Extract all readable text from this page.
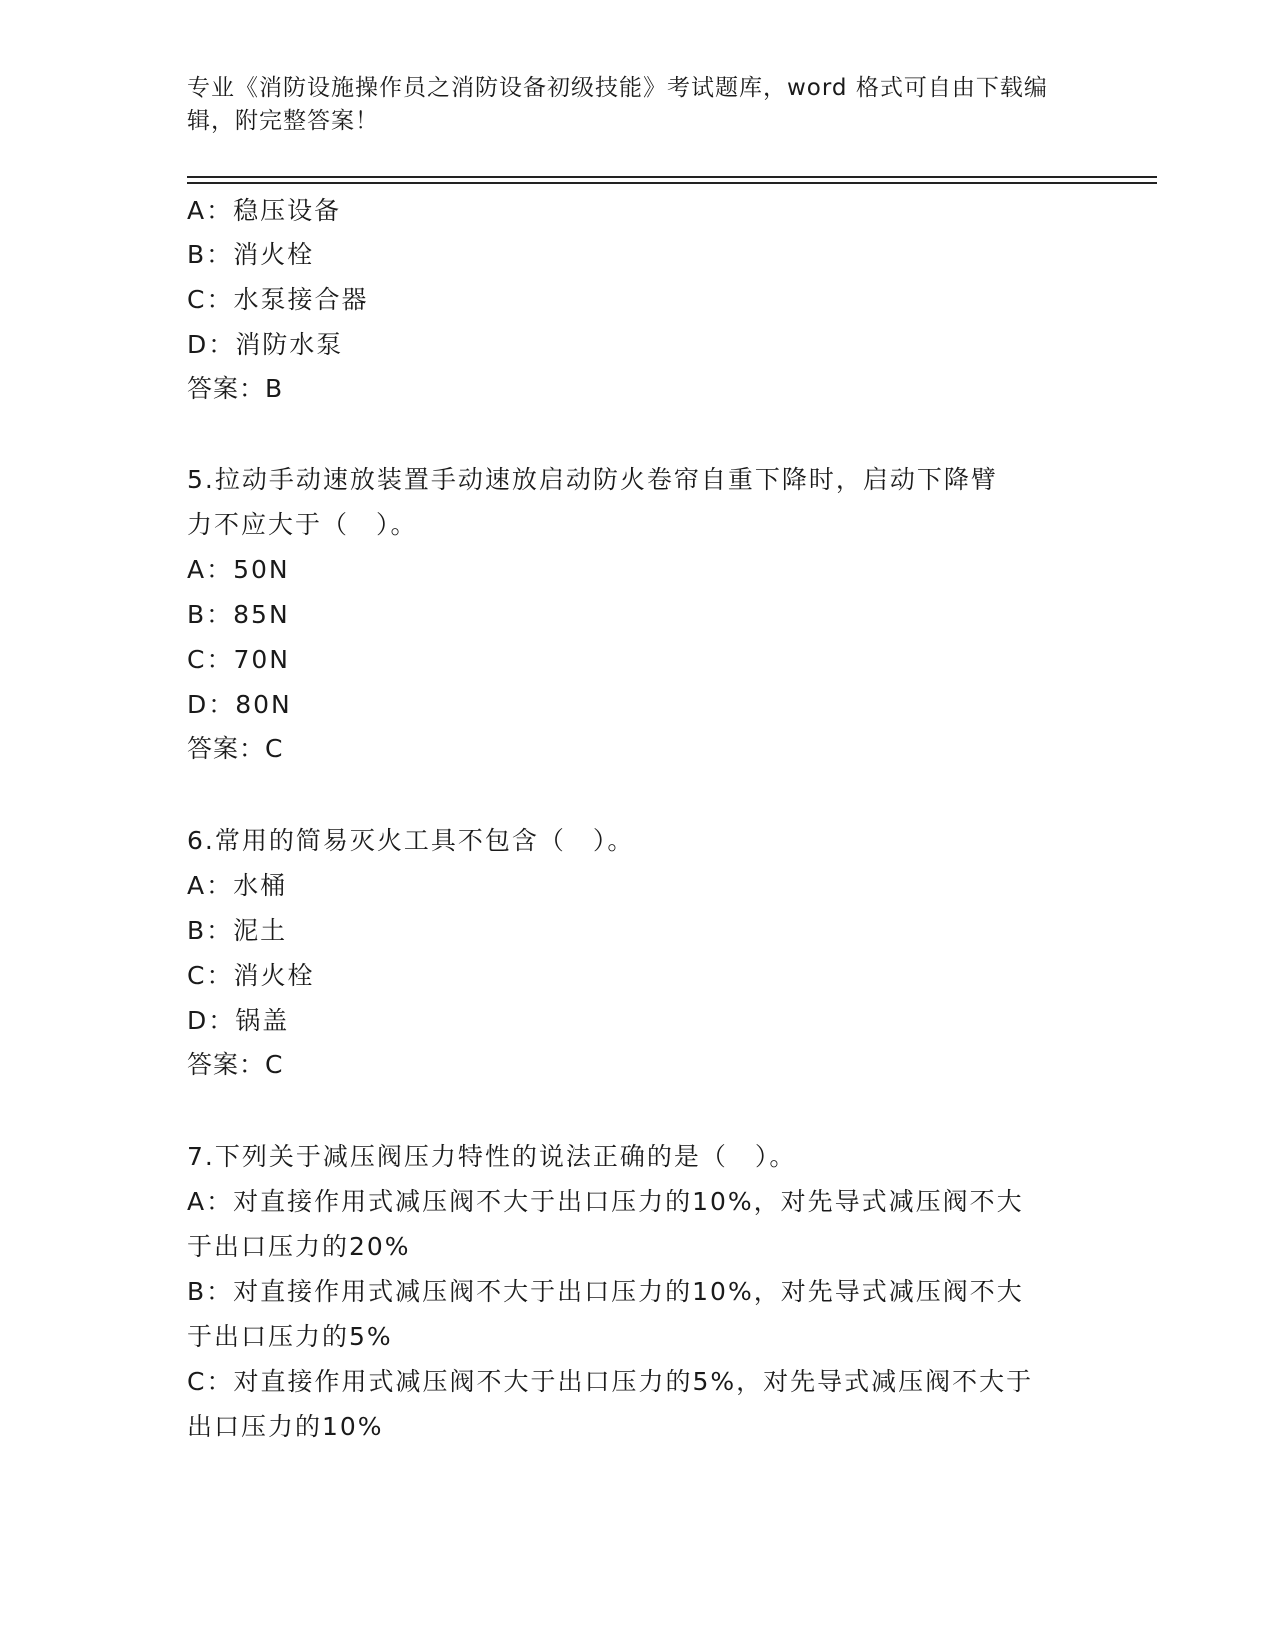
专业《消防设施操作员之消防设备初级技能》考试题库，word 格式可自由下载编
辑，附完整答案！

A：稳压设备

B：消火栓

C：水泵接合器

D：消防水泵

答案：B

5.拉动手动速放装置手动速放启动防火卷帘自重下降时，启动下降臂

力不应大于（　）。

A：50N

B：85N

C：70N

D：80N

答案：C

6.常用的简易灭火工具不包含（　）。

A：水桶

B：泥土

C：消火栓

D：锅盖

答案：C

7.下列关于减压阀压力特性的说法正确的是（　）。

A：对直接作用式减压阀不大于出口压力的10%，对先导式减压阀不大

于出口压力的20%

B：对直接作用式减压阀不大于出口压力的10%，对先导式减压阀不大

于出口压力的5%

C：对直接作用式减压阀不大于出口压力的5%，对先导式减压阀不大于

出口压力的10%
